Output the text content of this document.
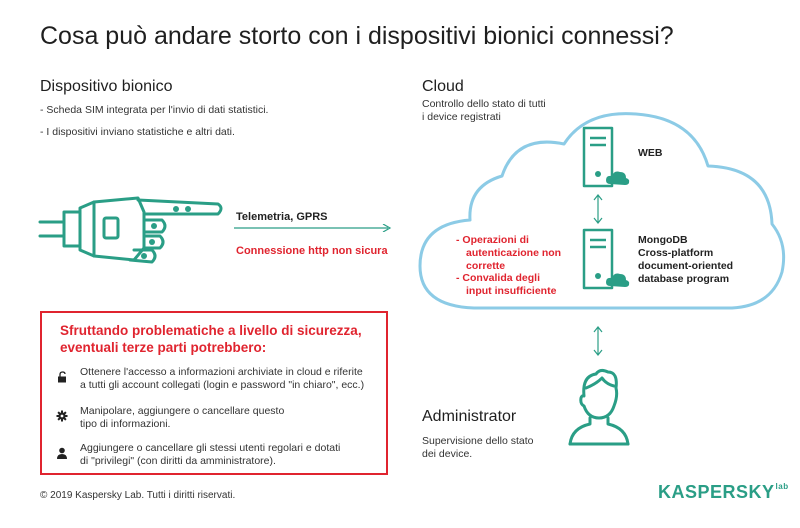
Cosa può andare storto con i dispositivi bionici connessi?
Dispositivo bionico
- Scheda SIM integrata per l'invio di dati statistici.
- I dispositivi inviano statistiche e altri dati.
Telemetria, GPRS
Connessione http non sicura
Cloud
Controllo dello stato di tutti
i device registrati
WEB
MongoDB
Cross-platform
document-oriented
database program
- Operazioni di
autenticazione non
corrette
- Convalida degli
input insufficiente
Administrator
Supervisione dello stato
dei device.
Sfruttando problematiche a livello di sicurezza,
eventuali terze parti potrebbero:
Ottenere l'accesso a informazioni archiviate in cloud e riferite
a tutti gli account collegati (login e password "in chiaro", ecc.)
Manipolare, aggiungere o cancellare questo
tipo di informazioni.
Aggiungere o cancellare gli stessi utenti regolari e dotati
di "privilegi" (con diritti da amministratore).
© 2019 Kaspersky Lab. Tutti i diritti riservati.	$KASPERSKY^{lab}$
